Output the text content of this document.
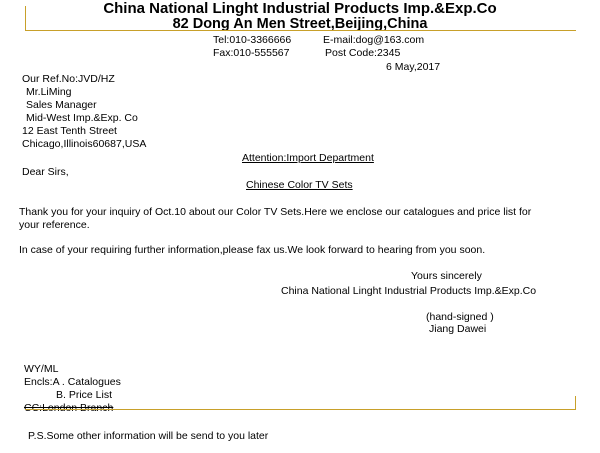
China National Linght Industrial Products Imp.&Exp.Co
82 Dong An Men Street,Beijing,China
Tel:010-3366666	E-mail:dog@163.com
Fax:010-555567	Post Code:2345
6 May,2017
Our Ref.No:JVD/HZ
Mr.LiMing
Sales Manager
Mid-West Imp.&Exp. Co
12 East Tenth Street
Chicago,Illinois60687,USA
Attention:Import Department
Dear Sirs,
Chinese Color TV Sets
Thank you for your inquiry of Oct.10 about our Color TV Sets.Here we enclose our catalogues and price list for
your reference.
In case of your requiring further information,please fax us.We look forward to hearing from you soon.
Yours sincerely
China National Linght Industrial Products Imp.&Exp.Co
(hand-signed )
Jiang Dawei
WY/ML
Encls:A . Catalogues
B. Price List
CC:London Branch
P.S.Some other information will be send to you later
